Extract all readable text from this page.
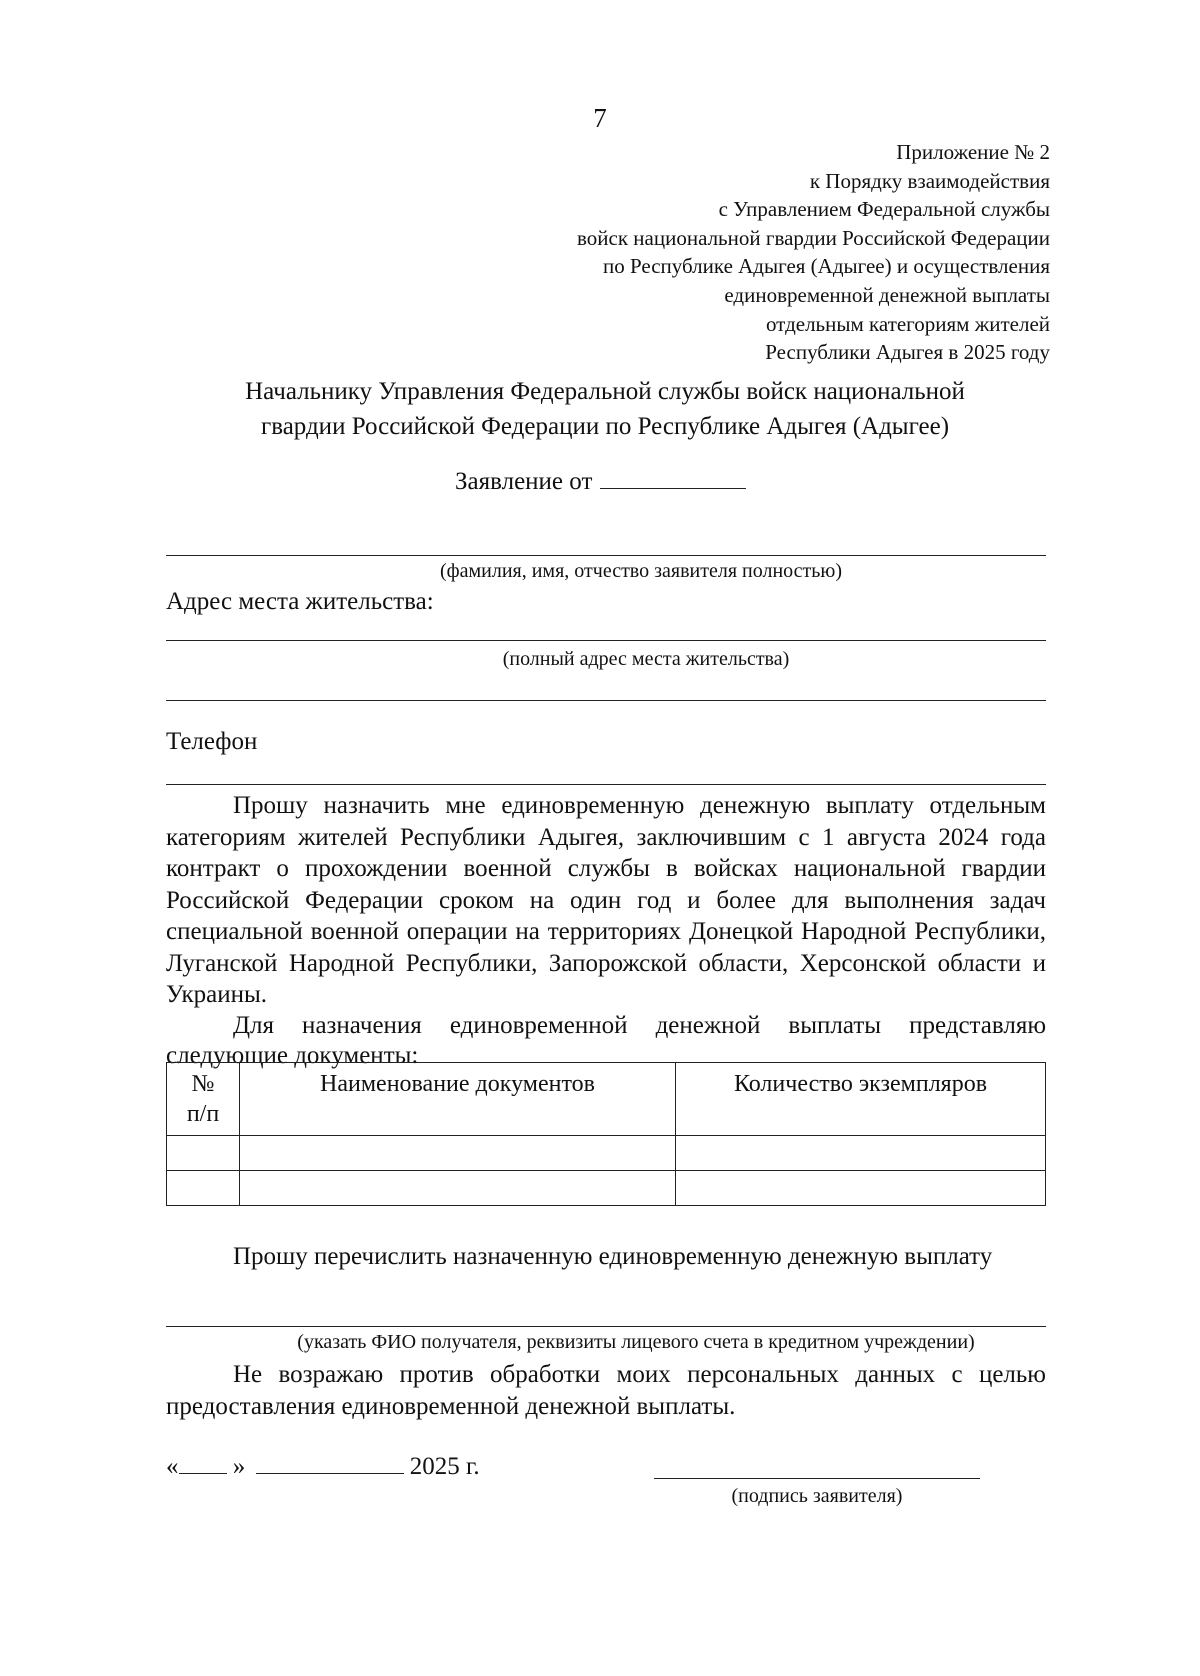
7
Приложение № 2
к Порядку взаимодействия
с Управлением Федеральной службы
войск национальной гвардии Российской Федерации
по Республике Адыгея (Адыгее) и осуществления
единовременной денежной выплаты
отдельным категориям жителей
Республики Адыгея в 2025 году
Начальнику Управления Федеральной службы войск национальной
гвардии Российской Федерации по Республике Адыгея (Адыгее)
Заявление от
(фамилия, имя, отчество заявителя полностью)
Адрес места жительства:
(полный адрес места жительства)
Телефон
Прошу назначить мне единовременную денежную выплату отдельным категориям жителей Республики Адыгея, заключившим с 1 августа 2024 года контракт о прохождении военной службы в войсках национальной гвардии Российской Федерации сроком на один год и более для выполнения задач специальной военной операции на территориях Донецкой Народной Республики, Луганской Народной Республики, Запорожской области, Херсонской области и Украины.
Для назначения единовременной денежной выплаты представляю следующие документы:
№
п/п	Наименование документов	Количество экземпляров

Прошу перечислить назначенную единовременную денежную выплату
(указать ФИО получателя, реквизиты лицевого счета в кредитном учреждении)
Не возражаю против обработки моих персональных данных с целью предоставления единовременной денежной выплаты.
« »	2025 г.
(подпись заявителя)
